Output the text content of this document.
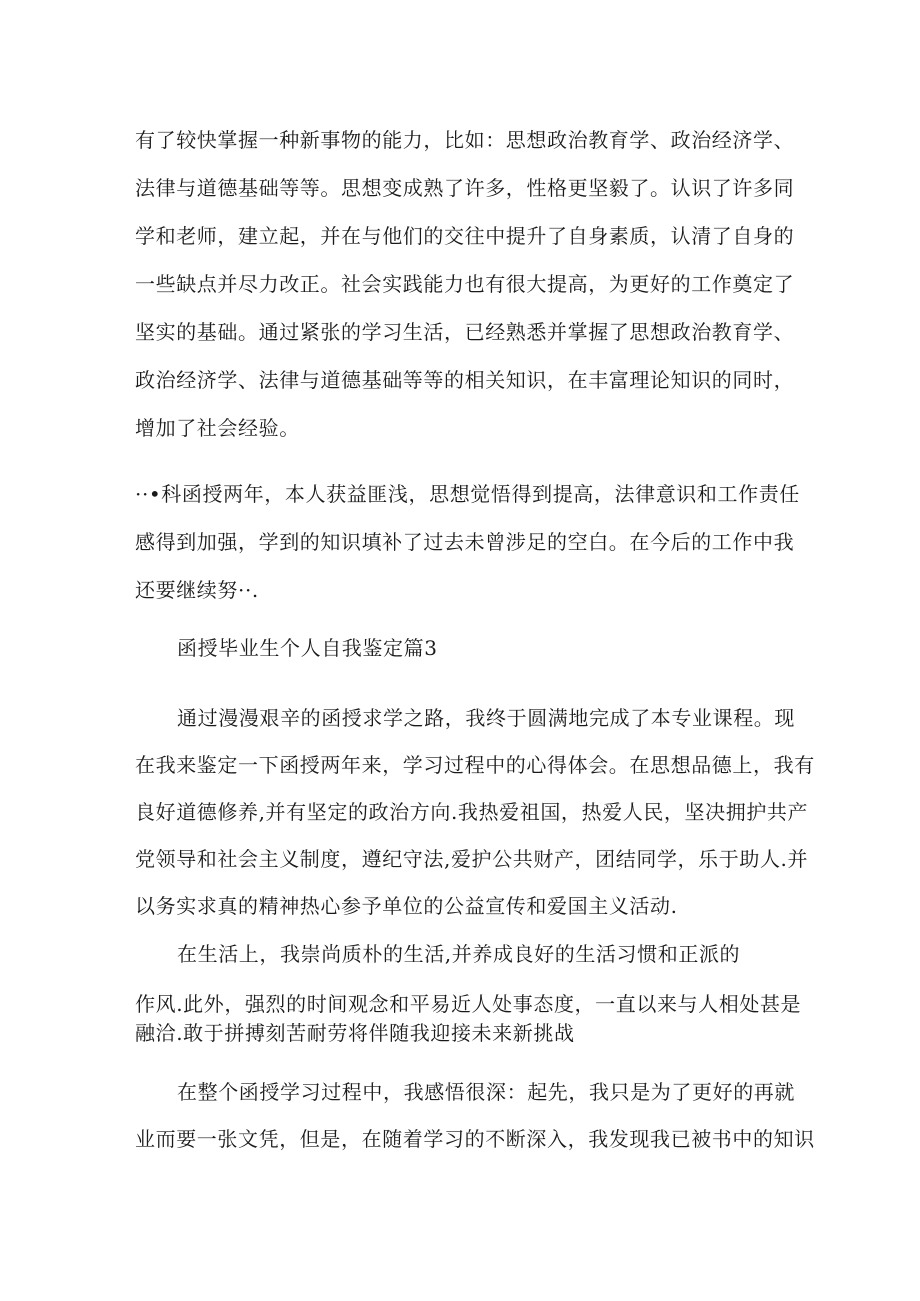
有了较快掌握一种新事物的能力，比如：思想政治教育学、政治经济学、
法律与道德基础等等。思想变成熟了许多，性格更坚毅了。认识了许多同
学和老师，建立起，并在与他们的交往中提升了自身素质，认清了自身的
一些缺点并尽力改正。社会实践能力也有很大提高，为更好的工作奠定了
坚实的基础。通过紧张的学习生活，已经熟悉并掌握了思想政治教育学、
政治经济学、法律与道德基础等等的相关知识，在丰富理论知识的同时，
增加了社会经验。
··•科函授两年，本人获益匪浅，思想觉悟得到提高，法律意识和工作责任
感得到加强，学到的知识填补了过去未曾涉足的空白。在今后的工作中我
还要继续努··.
函授毕业生个人自我鉴定篇3
通过漫漫艰辛的函授求学之路，我终于圆满地完成了本专业课程。现
在我来鉴定一下函授两年来，学习过程中的心得体会。在思想品德上，我有
良好道德修养,并有坚定的政治方向.我热爱祖国，热爱人民，坚决拥护共产
党领导和社会主义制度，遵纪守法,爱护公共财产，团结同学，乐于助人.并
以务实求真的精神热心参予单位的公益宣传和爱国主义活动.
在生活上，我崇尚质朴的生活,并养成良好的生活习惯和正派的
作风.此外，强烈的时间观念和平易近人处事态度，一直以来与人相处甚是
融洽.敢于拼搏刻苦耐劳将伴随我迎接未来新挑战
在整个函授学习过程中，我感悟很深：起先，我只是为了更好的再就
业而要一张文凭，但是，在随着学习的不断深入，我发现我已被书中的知识
